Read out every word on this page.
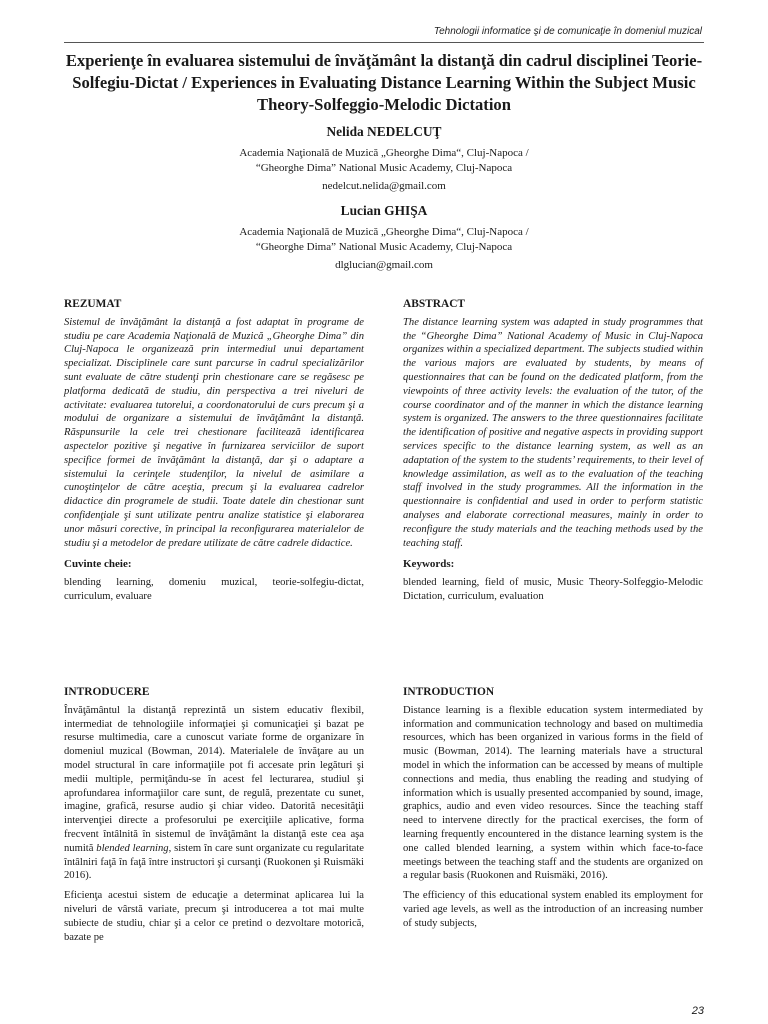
Tehnologii informatice şi de comunicaţie în domeniul muzical
Experienţe în evaluarea sistemului de învăţământ la distanţă din cadrul disciplinei Teorie-Solfegiu-Dictat / Experiences in Evaluating Distance Learning Within the Subject Music Theory-Solfeggio-Melodic Dictation

Nelida NEDELCUŢ

Academia Naţională de Muzică „Gheorghe Dima“, Cluj-Napoca /

“Gheorghe Dima” National Music Academy, Cluj-Napoca

nedelcut.nelida@gmail.com

Lucian GHIŞA

Academia Naţională de Muzică „Gheorghe Dima“, Cluj-Napoca /

“Gheorghe Dima” National Music Academy, Cluj-Napoca

dlglucian@gmail.com

REZUMAT

Sistemul de învăţământ la distanţă a fost adaptat în programe de studiu pe care Academia Naţională de Muzică „Gheorghe Dima” din Cluj-Napoca le organizează prin intermediul unui departament specializat. Disciplinele care sunt parcurse în cadrul specializărilor sunt evaluate de către studenţi prin chestionare care se regăsesc pe platforma dedicată de studiu, din perspectiva a trei niveluri de activitate: evaluarea tutorelui, a coordonatorului de curs precum şi a modului de organizare a sistemului de învăţământ la distanţă. Răspunsurile la cele trei chestionare facilitează identificarea aspectelor pozitive şi negative în furnizarea serviciilor de suport specifice formei de învăţământ la distanţă, dar şi o adaptare a sistemului la cerinţele studenţilor, la nivelul de asimilare a cunoştinţelor de către aceştia, precum şi la evaluarea cadrelor didactice din programele de studii. Toate datele din chestionar sunt confidenţiale şi sunt utilizate pentru analize statistice şi elaborarea unor măsuri corective, în principal la reconfigurarea materialelor de studiu şi a metodelor de predare utilizate de către cadrele didactice.

Cuvinte cheie:

blending learning, domeniu muzical, teorie-solfegiu-dictat, curriculum, evaluare

ABSTRACT

The distance learning system was adapted in study programmes that the “Gheorghe Dima” National Academy of Music in Cluj-Napoca organizes within a specialized department. The subjects studied within the various majors are evaluated by students, by means of questionnaires that can be found on the dedicated platform, from the viewpoints of three activity levels: the evaluation of the tutor, of the course coordinator and of the manner in which the distance learning system is organized. The answers to the three questionnaires facilitate the identification of positive and negative aspects in providing support services specific to the distance learning system, as well as an adaptation of the system to the students’ requirements, to their level of knowledge assimilation, as well as to the evaluation of the teaching staff involved in the study programmes. All the information in the questionnaire is confidential and used in order to perform statistic analyses and elaborate correctional measures, mainly in order to reconfigure the study materials and the teaching methods used by the teaching staff.

Keywords:

blended learning, field of music, Music Theory-Solfeggio-Melodic Dictation, curriculum, evaluation

INTRODUCERE

Învăţământul la distanţă reprezintă un sistem educativ flexibil, intermediat de tehnologiile informaţiei şi comunicaţiei şi bazat pe resurse multimedia, care a cunoscut variate forme de organizare în domeniul muzical (Bowman, 2014). Materialele de învăţare au un model structural în care informaţiile pot fi accesate prin legături şi medii multiple, permiţându-se în acest fel lecturarea, studiul şi aprofundarea informaţiilor care sunt, de regulă, prezentate cu sunet, imagine, grafică, resurse audio şi chiar video. Datorită necesităţii intervenţiei directe a profesorului pe exerciţiile aplicative, forma frecvent întâlnită în sistemul de învăţământ la distanţă este cea aşa numită blended learning, sistem în care sunt organizate cu regularitate întâlniri faţă în faţă între instructori şi cursanţi (Ruokonen şi Ruismäki 2016).

Eficienţa acestui sistem de educaţie a determinat aplicarea lui la niveluri de vârstă variate, precum şi introducerea a tot mai multe subiecte de studiu, chiar şi a celor ce pretind o dezvoltare motorică, bazate pe

INTRODUCTION

Distance learning is a flexible education system intermediated by information and communication technology and based on multimedia resources, which has been organized in various forms in the field of music (Bowman, 2014). The learning materials have a structural model in which the information can be accessed by means of multiple connections and media, thus enabling the reading and studying of information which is usually presented accompanied by sound, image, graphics, audio and even video resources. Since the teaching staff need to intervene directly for the practical exercises, the form of learning frequently encountered in the distance learning system is the one called blended learning, a system within which face-to-face meetings between the teaching staff and the students are organized on a regular basis (Ruokonen and Ruismäki, 2016).

The efficiency of this educational system enabled its employment for varied age levels, as well as the introduction of an increasing number of study subjects,

23
